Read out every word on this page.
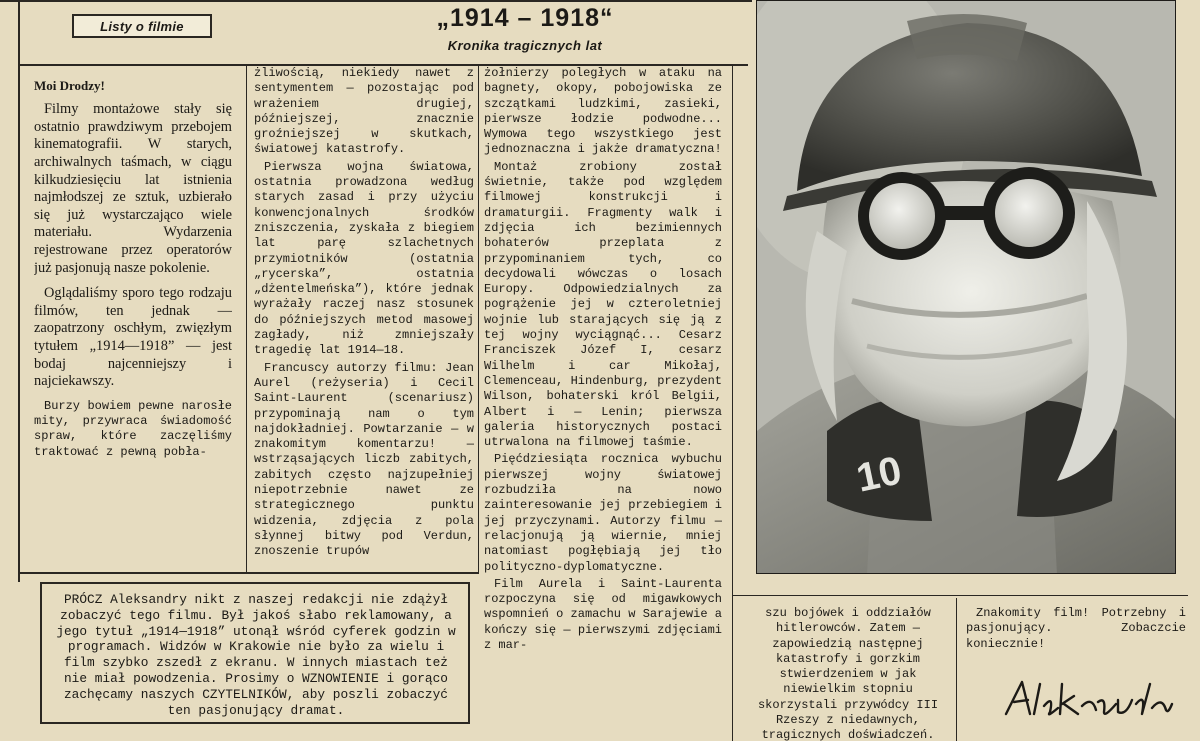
Listy o filmie	„1914 – 1918“
Kronika tragicznych lat

Moi Drodzy!

Filmy montażowe stały się ostatnio prawdziwym przebojem kinematografii. W starych, archiwalnych taśmach, w ciągu kilkudziesięciu lat istnienia najmłodszej ze sztuk, uzbierało się już wystarczająco wiele materiału. Wydarzenia rejestrowane przez operatorów już pasjonują nasze pokolenie.

Oglądaliśmy sporo tego rodzaju filmów, ten jednak — zaopatrzony oschłym, zwięzłym tytułem „1914—1918” — jest bodaj najcenniejszy i najciekawszy.

Burzy bowiem pewne narosłe mity, przywraca świadomość spraw, które zaczęliśmy traktować z pewną pobła-

żliwością, niekiedy nawet z sentymentem — pozostając pod wrażeniem drugiej, późniejszej, znacznie groźniejszej w skutkach, światowej katastrofy.

Pierwsza wojna światowa, ostatnia prowadzona według starych zasad i przy użyciu konwencjonalnych środków zniszczenia, zyskała z biegiem lat parę szlachetnych przymiotników (ostatnia „rycerska”, ostatnia „dżentelmeńska”), które jednak wyrażały raczej nasz stosunek do późniejszych metod masowej zagłady, niż zmniejszały tragedię lat 1914—18.

Francuscy autorzy filmu: Jean Aurel (reżyseria) i Cecil Saint-Laurent (scenariusz) przypominają nam o tym najdokładniej. Powtarzanie — w znakomitym komentarzu! — wstrząsających liczb zabitych, zabitych często najzupełniej niepotrzebnie nawet ze strategicznego punktu widzenia, zdjęcia z pola słynnej bitwy pod Verdun, znoszenie trupów

żołnierzy poległych w ataku na bagnety, okopy, pobojowiska ze szczątkami ludzkimi, zasieki, pierwsze łodzie podwodne... Wymowa tego wszystkiego jest jednoznaczna i jakże dramatyczna!

Montaż zrobiony został świetnie, także pod względem filmowej konstrukcji i dramaturgii. Fragmenty walk i zdjęcia ich bezimiennych bohaterów przeplata z przypominaniem tych, co decydowali wówczas o losach Europy. Odpowiedzialnych za pogrążenie jej w czteroletniej wojnie lub starających się ją z tej wojny wyciągnąć... Cesarz Franciszek Józef I, cesarz Wilhelm i car Mikołaj, Clemenceau, Hindenburg, prezydent Wilson, bohaterski król Belgii, Albert i — Lenin; pierwsza galeria historycznych postaci utrwalona na filmowej taśmie.

Pięćdziesiąta rocznica wybuchu pierwszej wojny światowej rozbudziła na nowo zainteresowanie jej przebiegiem i jej przyczynami. Autorzy filmu — relacjonują ją wiernie, mniej natomiast pogłębiają jej tło polityczno-dyplomatyczne.

Film Aurela i Saint-Laurenta rozpoczyna się od migawkowych wspomnień o zamachu w Sarajewie a kończy się — pierwszymi zdjęciami z mar-

szu bojówek i oddziałów hitlerowców. Zatem — zapowiedzią następnej katastrofy i gorzkim stwierdzeniem w jak niewielkim stopniu skorzystali przywódcy III Rzeszy z niedawnych, tragicznych doświadczeń.

Znakomity film! Potrzebny i pasjonujący. Zobaczcie koniecznie!

PRÓCZ Aleksandry nikt z naszej redakcji nie zdążył zobaczyć tego filmu. Był jakoś słabo reklamowany, a jego tytuł „1914—1918” utonął wśród cyferek godzin w programach. Widzów w Krakowie nie było za wielu i film szybko zszedł z ekranu. W innych miastach też nie miał powodzenia. Prosimy o WZNOWIENIE i gorąco zachęcamy naszych CZYTELNIKÓW, aby poszli zobaczyć ten pasjonujący dramat.

10
